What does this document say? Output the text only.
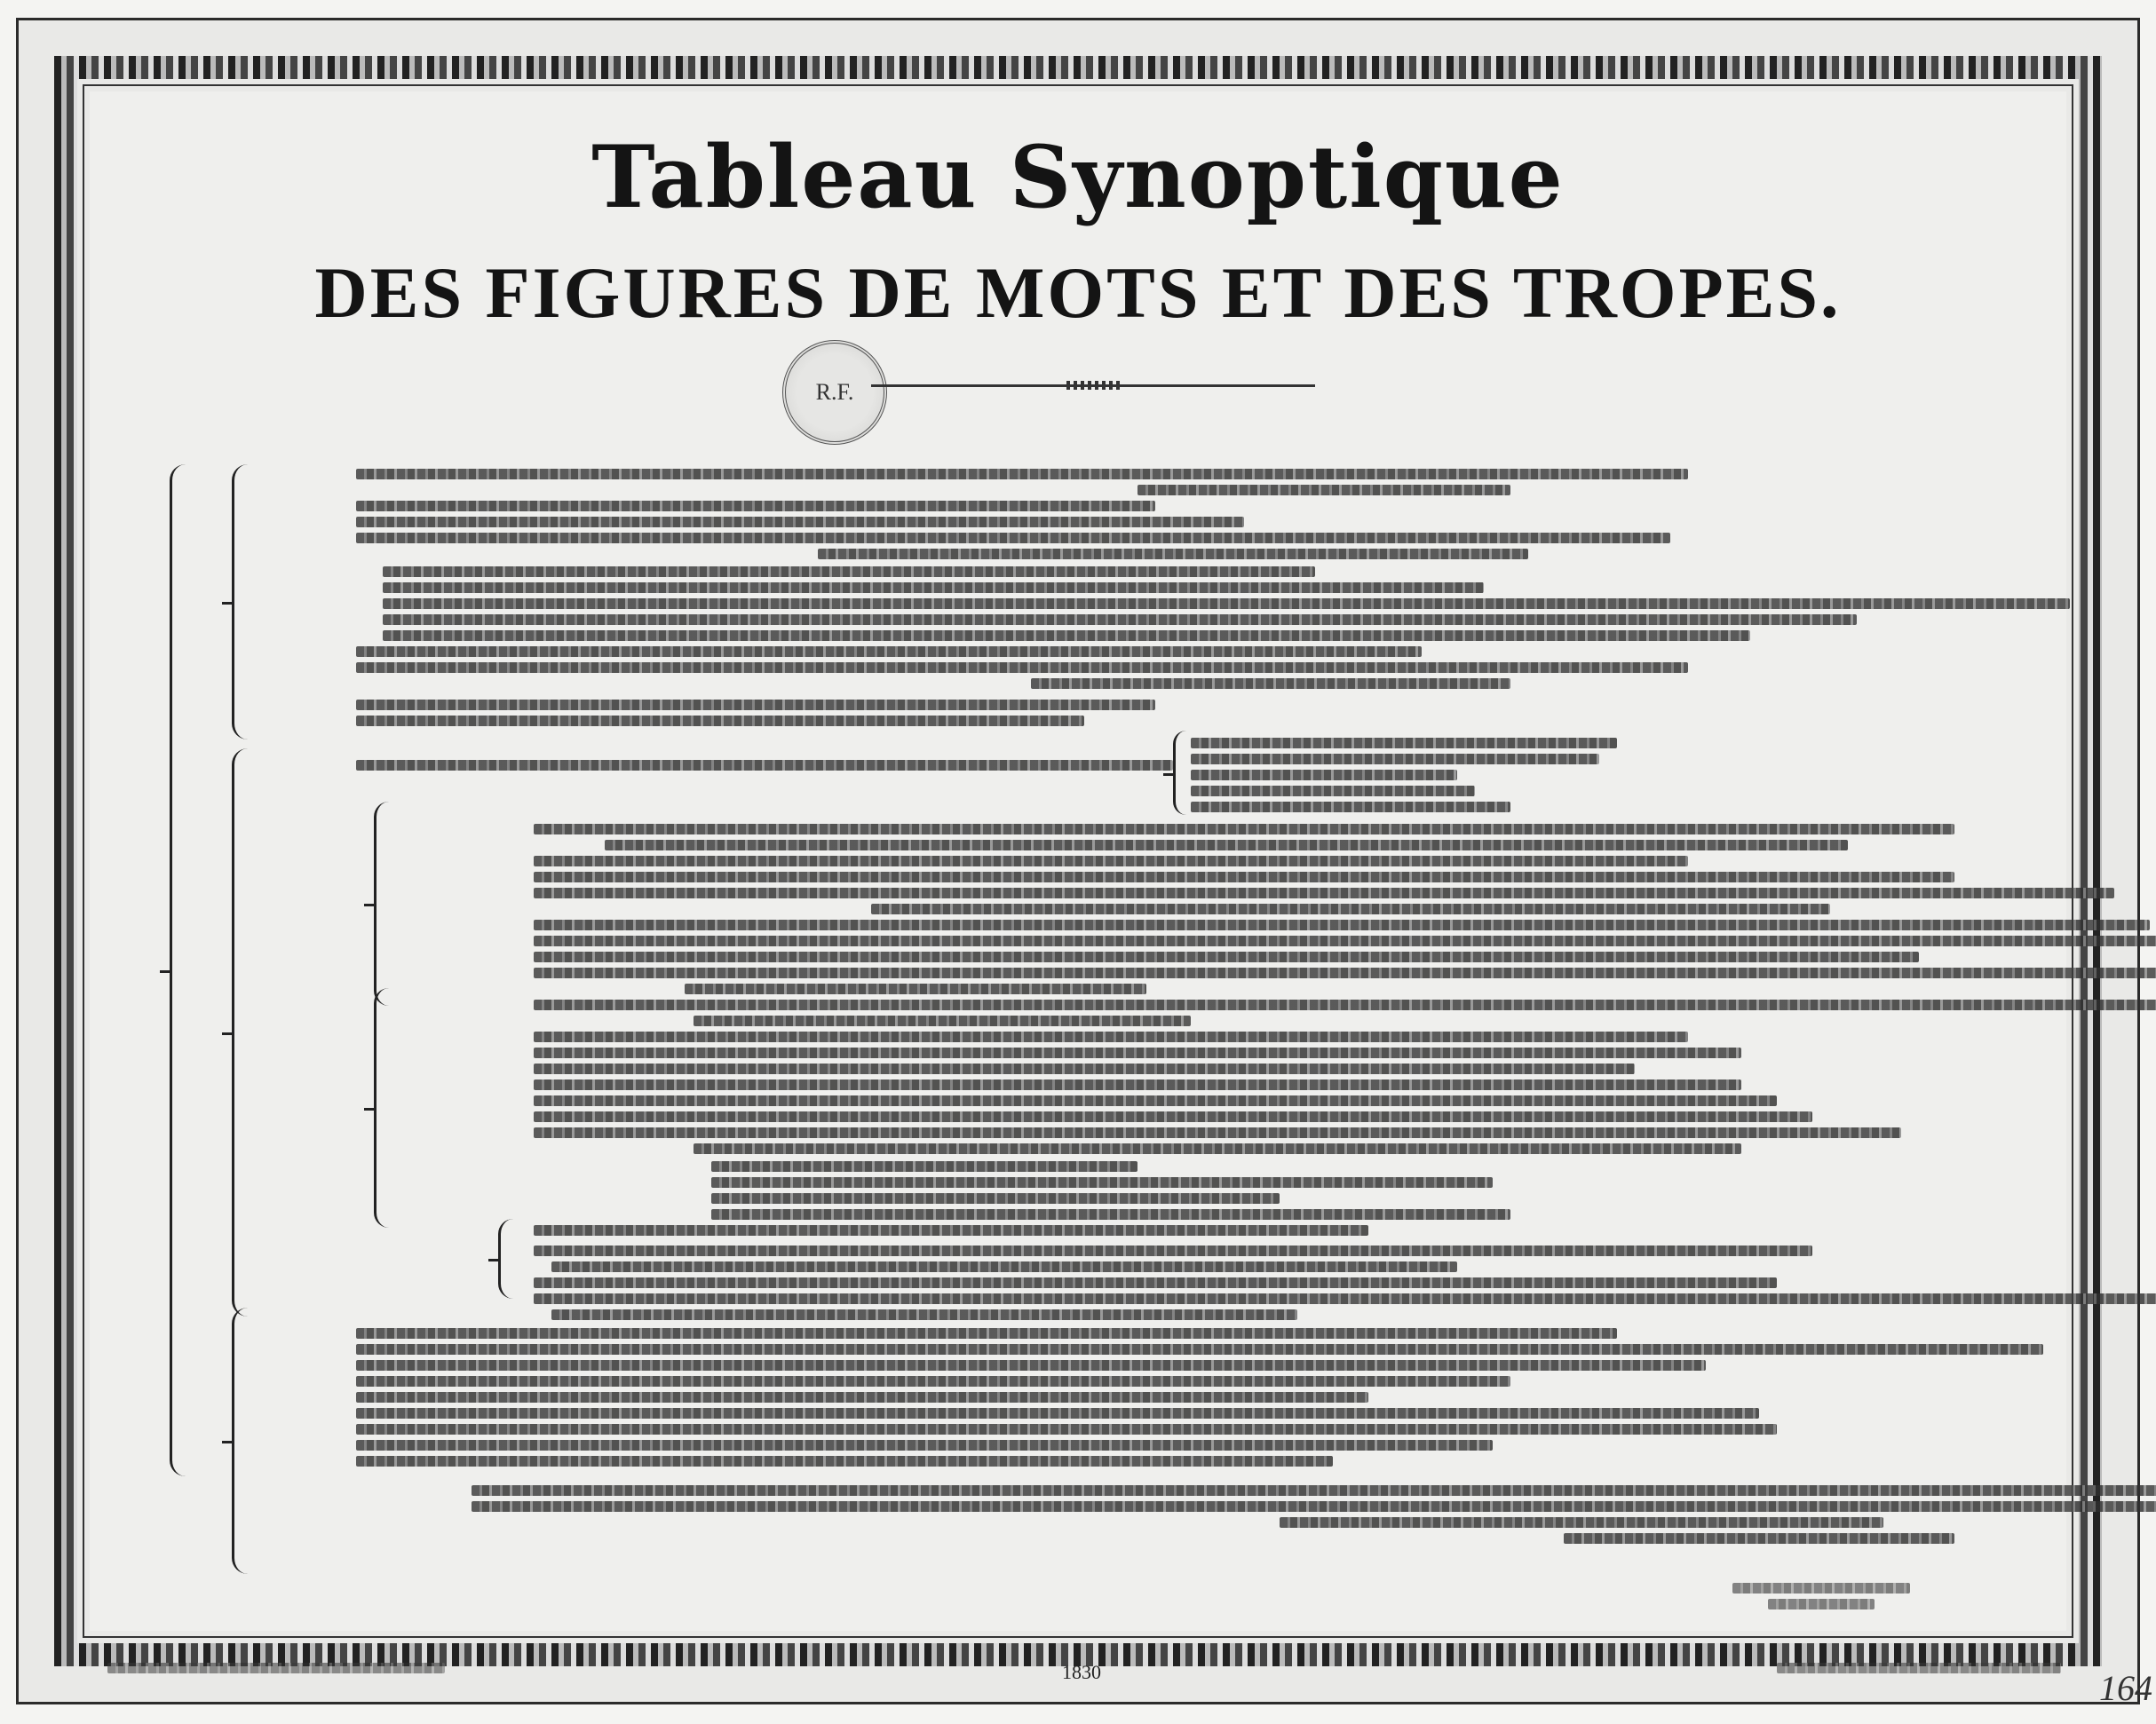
Tableau Synoptique
DES FIGURES DE MOTS ET DES TROPES.
R.F.
1830	164
